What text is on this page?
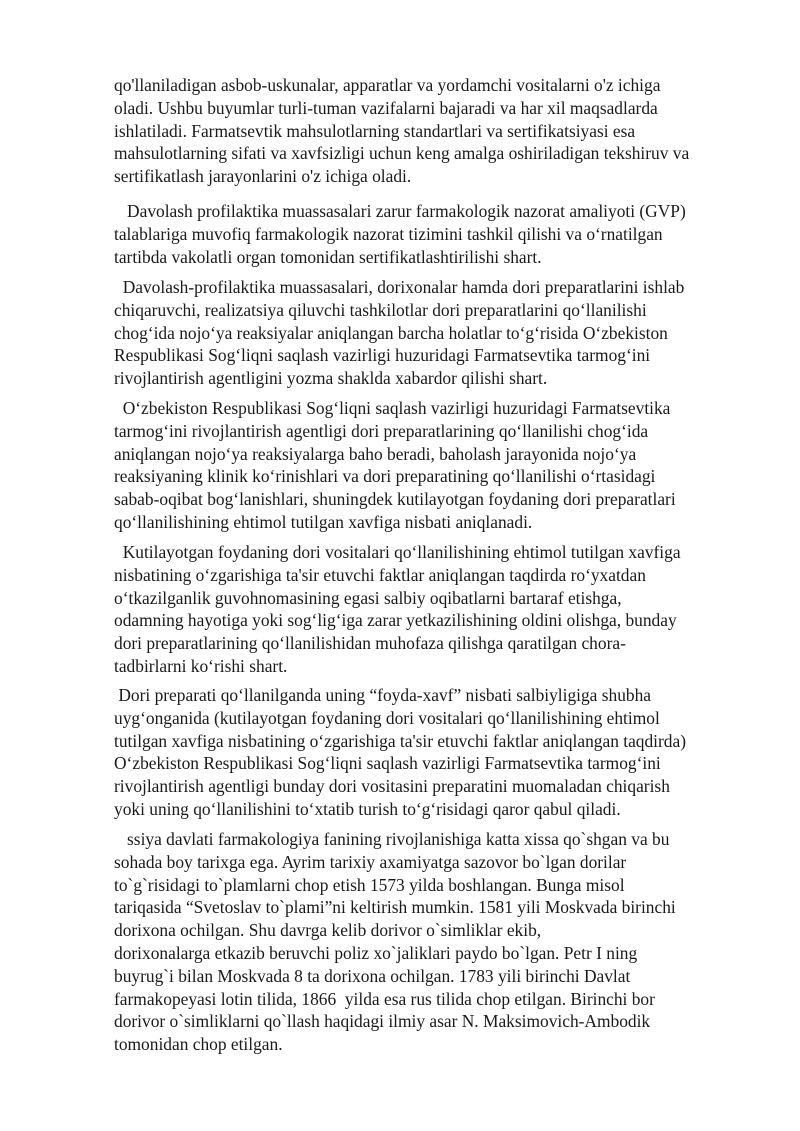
qo'llaniladigan asbob-uskunalar, apparatlar va yordamchi vositalarni o'z ichiga
oladi. Ushbu buyumlar turli-tuman vazifalarni bajaradi va har xil maqsadlarda
ishlatiladi. Farmatsevtik mahsulotlarning standartlari va sertifikatsiyasi esa
mahsulotlarning sifati va xavfsizligi uchun keng amalga oshiriladigan tekshiruv va
sertifikatlash jarayonlarini o'z ichiga oladi.

Davolash profilaktika muassasalari zarur farmakologik nazorat amaliyoti (GVP)
talablariga muvofiq farmakologik nazorat tizimini tashkil qilishi va o‘rnatilgan
tartibda vakolatli organ tomonidan sertifikatlashtirilishi shart.

Davolash-profilaktika muassasalari, dorixonalar hamda dori preparatlarini ishlab
chiqaruvchi, realizatsiya qiluvchi tashkilotlar dori preparatlarini qo‘llanilishi
chog‘ida nojo‘ya reaksiyalar aniqlangan barcha holatlar to‘g‘risida O‘zbekiston
Respublikasi Sog‘liqni saqlash vazirligi huzuridagi Farmatsevtika tarmog‘ini
rivojlantirish agentligini yozma shaklda xabardor qilishi shart.

O‘zbekiston Respublikasi Sog‘liqni saqlash vazirligi huzuridagi Farmatsevtika
tarmog‘ini rivojlantirish agentligi dori preparatlarining qo‘llanilishi chog‘ida
aniqlangan nojo‘ya reaksiyalarga baho beradi, baholash jarayonida nojo‘ya
reaksiyaning klinik ko‘rinishlari va dori preparatining qo‘llanilishi o‘rtasidagi
sabab-oqibat bog‘lanishlari, shuningdek kutilayotgan foydaning dori preparatlari
qo‘llanilishining ehtimol tutilgan xavfiga nisbati aniqlanadi.

Kutilayotgan foydaning dori vositalari qo‘llanilishining ehtimol tutilgan xavfiga
nisbatining o‘zgarishiga ta'sir etuvchi faktlar aniqlangan taqdirda ro‘yxatdan
o‘tkazilganlik guvohnomasining egasi salbiy oqibatlarni bartaraf etishga,
odamning hayotiga yoki sog‘lig‘iga zarar yetkazilishining oldini olishga, bunday
dori preparatlarining qo‘llanilishidan muhofaza qilishga qaratilgan chora-
tadbirlarni ko‘rishi shart.

Dori preparati qo‘llanilganda uning “foyda-xavf” nisbati salbiyligiga shubha
uyg‘onganida (kutilayotgan foydaning dori vositalari qo‘llanilishining ehtimol
tutilgan xavfiga nisbatining o‘zgarishiga ta'sir etuvchi faktlar aniqlangan taqdirda)
O‘zbekiston Respublikasi Sog‘liqni saqlash vazirligi Farmatsevtika tarmog‘ini
rivojlantirish agentligi bunday dori vositasini preparatini muomaladan chiqarish
yoki uning qo‘llanilishini to‘xtatib turish to‘g‘risidagi qaror qabul qiladi.

ssiya davlati farmakologiya fanining rivojlanishiga katta xissa qo`shgan va bu
sohada boy tarixga ega. Ayrim tarixiy axamiyatga sazovor bo`lgan dorilar
to`g`risidagi to`plamlarni chop etish 1573 yilda boshlangan. Bunga misol
tariqasida “Svetoslav to`plami”ni keltirish mumkin. 1581 yili Moskvada birinchi
dorixona ochilgan. Shu davrga kelib dorivor o`simliklar ekib,
dorixonalarga etkazib beruvchi poliz xo`jaliklari paydo bo`lgan. Petr I ning
buyrug`i bilan Moskvada 8 ta dorixona ochilgan. 1783 yili birinchi Davlat
farmakopeyasi lotin tilida, 1866  yilda esa rus tilida chop etilgan. Birinchi bor
dorivor o`simliklarni qo`llash haqidagi ilmiy asar N. Maksimovich-Ambodik
tomonidan chop etilgan.
